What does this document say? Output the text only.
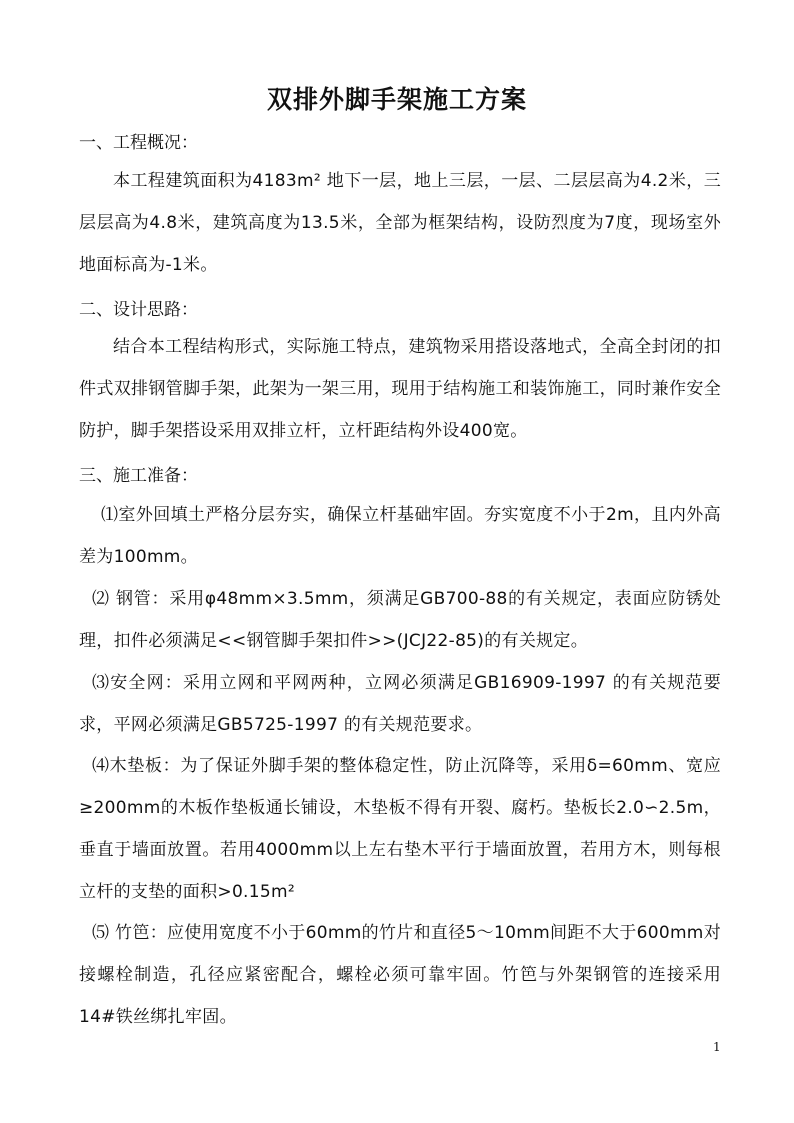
双排外脚手架施工方案
一、工程概况：
本工程建筑面积为4183m² 地下一层，地上三层，一层、二层层高为4.2米，三层层高为4.8米，建筑高度为13.5米，全部为框架结构，设防烈度为7度，现场室外地面标高为-1米。
二、设计思路：
结合本工程结构形式，实际施工特点，建筑物采用搭设落地式，全高全封闭的扣件式双排钢管脚手架，此架为一架三用，现用于结构施工和装饰施工，同时兼作安全防护，脚手架搭设采用双排立杆，立杆距结构外设400宽。
三、施工准备：
⑴室外回填土严格分层夯实，确保立杆基础牢固。夯实宽度不小于2m，且内外高差为100mm。
⑵ 钢管：采用φ48mm×3.5mm，须满足GB700-88的有关规定，表面应防锈处理，扣件必须满足<<钢管脚手架扣件>>(JCJ22-85)的有关规定。
⑶安全网：采用立网和平网两种，立网必须满足GB16909-1997 的有关规范要求，平网必须满足GB5725-1997 的有关规范要求。
⑷木垫板：为了保证外脚手架的整体稳定性，防止沉降等，采用δ=60mm、宽应≥200mm的木板作垫板通长铺设，木垫板不得有开裂、腐朽。垫板长2.0∽2.5m，垂直于墙面放置。若用4000mm以上左右垫木平行于墙面放置，若用方木，则每根立杆的支垫的面积>0.15m²
⑸ 竹笆：应使用宽度不小于60mm的竹片和直径5～10mm间距不大于600mm对接螺栓制造，孔径应紧密配合，螺栓必须可靠牢固。竹笆与外架钢管的连接采用14#铁丝绑扎牢固。
1
